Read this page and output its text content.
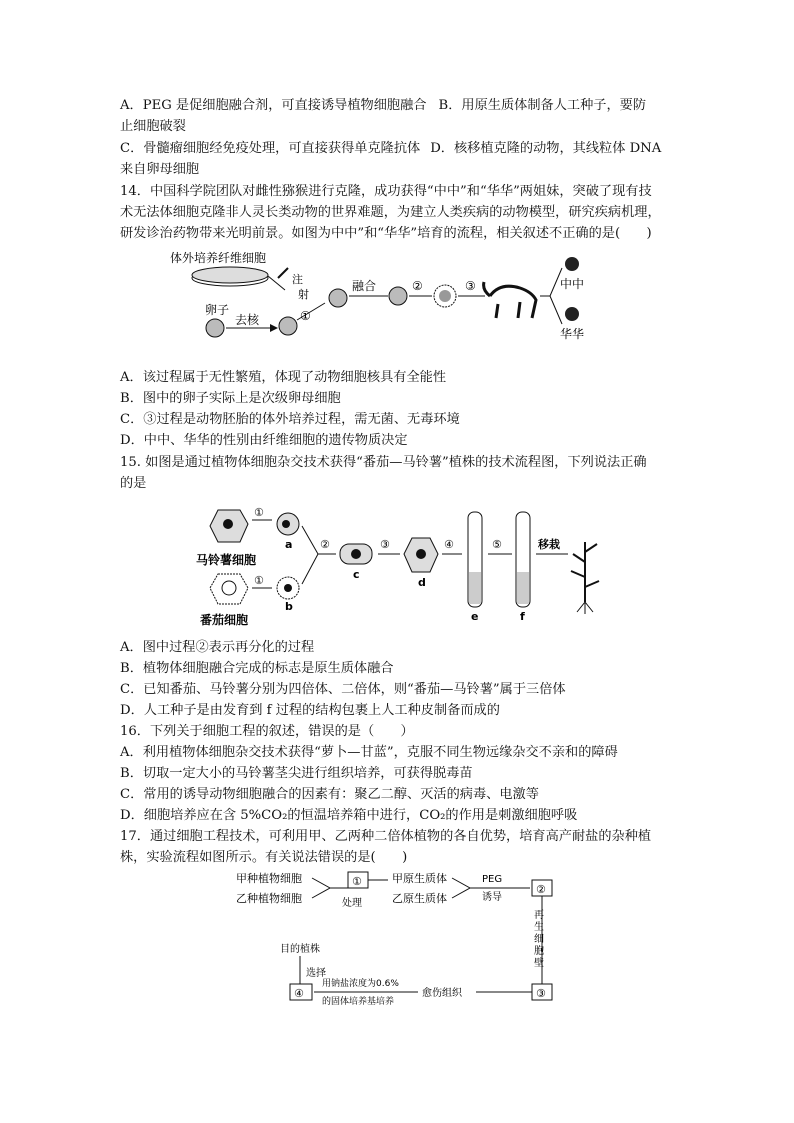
A．PEG 是促细胞融合剂，可直接诱导植物细胞融合 B．用原生质体制备人工种子，要防
止细胞破裂
C．骨髓瘤细胞经免疫处理，可直接获得单克隆抗体 D．核移植克隆的动物，其线粒体 DNA
来自卵母细胞
14．中国科学院团队对雌性猕猴进行克隆，成功获得“中中”和“华华”两姐妹，突破了现有技
术无法体细胞克隆非人灵长类动物的世界难题，为建立人类疾病的动物模型，研究疾病机理，
研发诊治药物带来光明前景。如图为中中”和“华华”培育的流程，相关叙述不正确的是(　　)
体外培养纤维细胞
注
射
卵子
去核	①
融合	②	③	中中
华华
A．该过程属于无性繁殖，体现了动物细胞核具有全能性
B．图中的卵子实际上是次级卵母细胞
C．③过程是动物胚胎的体外培养过程，需无菌、无毒环境
D．中中、华华的性别由纤维细胞的遗传物质决定
15. 如图是通过植物体细胞杂交技术获得“番茄—马铃薯”植株的技术流程图，下列说法正确
的是
①
a
马铃薯细胞
①
b
番茄细胞
②
c
③
d
④
e
⑤
f
移栽
A．图中过程②表示再分化的过程
B．植物体细胞融合完成的标志是原生质体融合
C．已知番茄、马铃薯分别为四倍体、二倍体，则“番茄—马铃薯”属于三倍体
D．人工种子是由发育到 f 过程的结构包裹上人工种皮制备而成的
16．下列关于细胞工程的叙述，错误的是（　　）
A．利用植物体细胞杂交技术获得“萝卜—甘蓝”，克服不同生物远缘杂交不亲和的障碍
B．切取一定大小的马铃薯茎尖进行组织培养，可获得脱毒苗
C．常用的诱导动物细胞融合的因素有：聚乙二醇、灭活的病毒、电激等
D．细胞培养应在含 5%CO₂的恒温培养箱中进行，CO₂的作用是刺激细胞呼吸
17．通过细胞工程技术，可利用甲、乙两种二倍体植物的各自优势，培育高产耐盐的杂种植
株，实验流程如图所示。有关说法错误的是(　　)
甲种植物细胞
乙种植物细胞
①
处理
甲原生质体
乙原生质体
PEG
诱导
②
再
生
细
胞
壁
③
愈伤组织
用钠盐浓度为0.6%
的固体培养基培养
④
选择
目的植株
